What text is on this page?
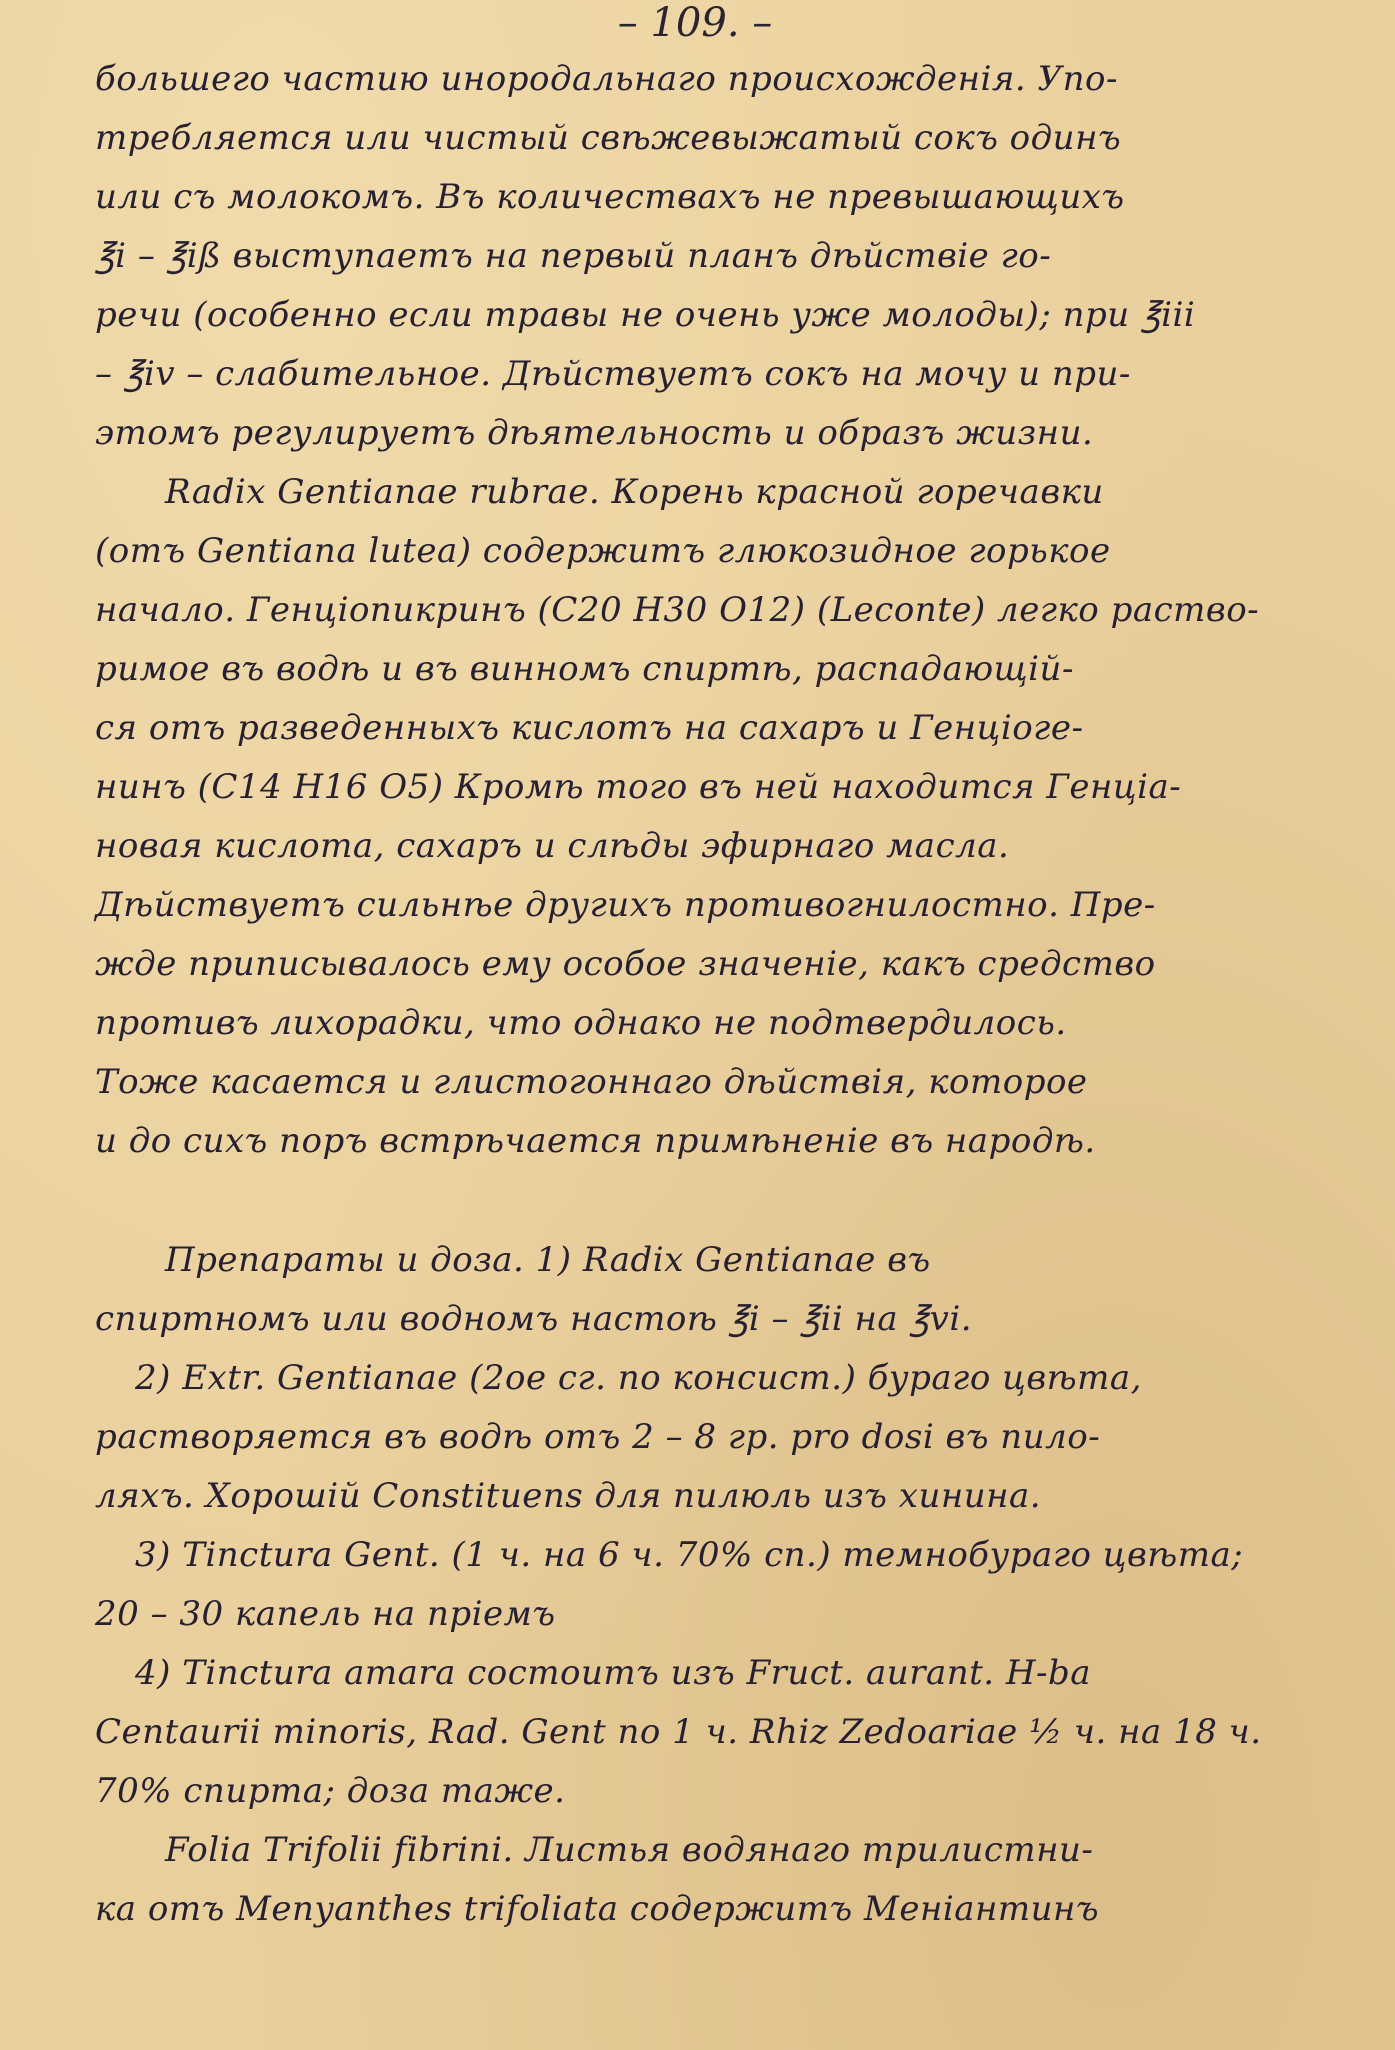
– 109. –
большего частию инородальнаго происхожденія. Упо-
требляется или чистый свѣжевыжатый сокъ одинъ
или съ молокомъ. Въ количествахъ не превышающихъ
℥i – ℥iß выступаетъ на первый планъ дѣйствіе го-
речи (особенно если травы не очень уже молоды); при ℥iii
– ℥iv – слабительное. Дѣйствуетъ сокъ на мочу и при-
этомъ регулируетъ дѣятельность и образъ жизни.
Radix Gentianae rubrae. Корень красной горечавки
(отъ Gentiana lutea) содержитъ глюкозидное горькое
начало. Генціопикринъ (C20 H30 O12) (Leconte) легко раство-
римое въ водѣ и въ винномъ спиртѣ, распадающій-
ся отъ разведенныхъ кислотъ на сахаръ и Генціоге-
нинъ (C14 H16 O5) Кромѣ того въ ней находится Генціа-
новая кислота, сахаръ и слѣды эфирнаго масла.
Дѣйствуетъ сильнѣе другихъ противогнилостно. Пре-
жде приписывалось ему особое значеніе, какъ средство
противъ лихорадки, что однако не подтвердилось.
Тоже касается и глистогоннаго дѣйствія, которое
и до сихъ поръ встрѣчается примѣненіе въ народѣ.
Препараты и доза. 1) Radix Gentianae въ
спиртномъ или водномъ настоѣ ℥i – ℥ii на ℥vi.
2) Extr. Gentianae (2ое сг. по консист.) бураго цвѣта,
растворяется въ водѣ отъ 2 – 8 гр. pro dosi въ пило-
ляхъ. Хорошій Constituens для пилюль изъ хинина.
3) Tinctura Gent. (1 ч. на 6 ч. 70% сп.) темнобураго цвѣта;
20 – 30 капель на пріемъ
4) Tinctura amara состоитъ изъ Fruct. aurant. H-ba
Centaurii minoris, Rad. Gent по 1 ч. Rhiz Zedoariae ½ ч. на 18 ч.
70% спирта; доза таже.
Folia Trifolii fibrini. Листья водянаго трилистни-
ка отъ Menyanthes trifoliata содержитъ Менiантинъ
